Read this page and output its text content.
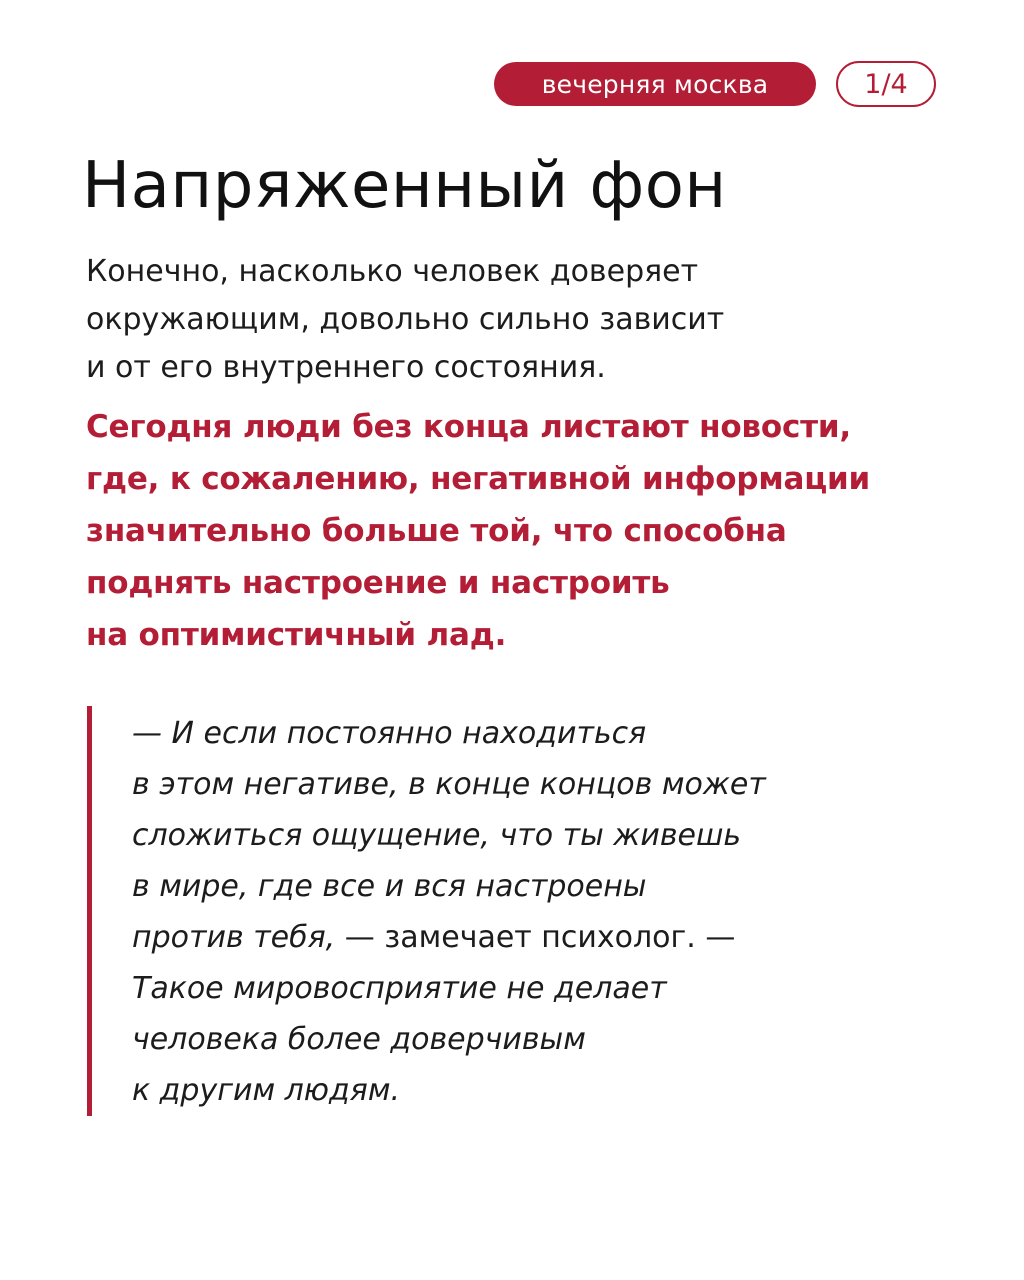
вечерняя москва	1/4
Напряженный фон

Конечно, насколько человек доверяет
окружающим, довольно сильно зависит
и от его внутреннего состояния.

Сегодня люди без конца листают новости,
где, к сожалению, негативной информации
значительно больше той, что способна
поднять настроение и настроить
на оптимистичный лад.

— И если постоянно находиться
в этом негативе, в конце концов может
сложиться ощущение, что ты живешь
в мире, где все и вся настроены
против тебя, — замечает психолог. —
Такое мировосприятие не делает
человека более доверчивым
к другим людям.
